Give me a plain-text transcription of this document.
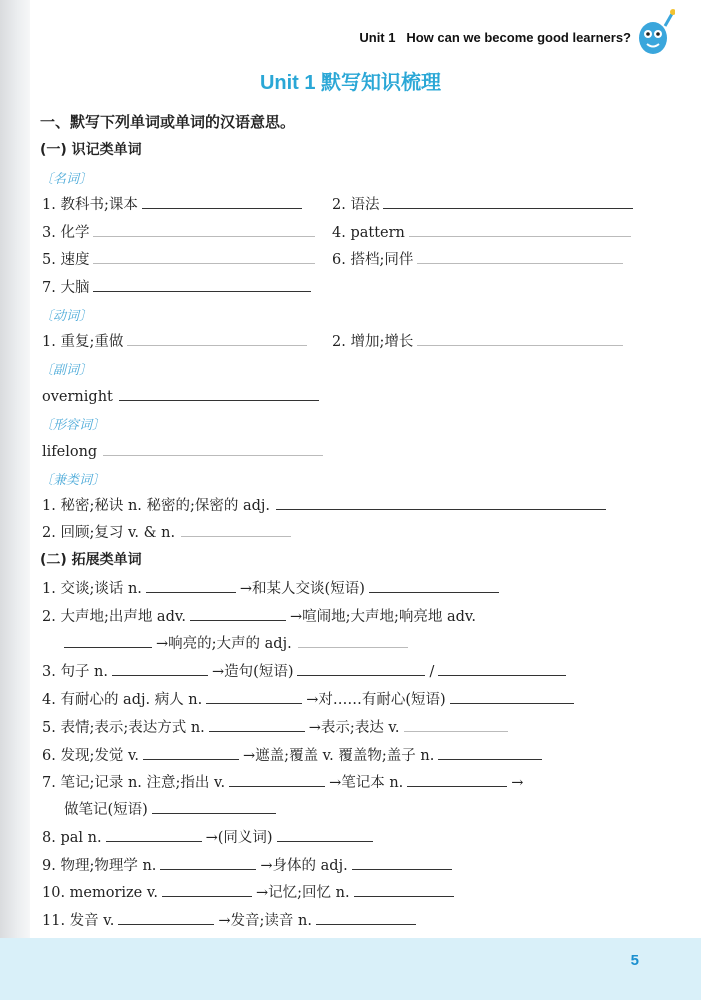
Unit 1 How can we become good learners?
Unit 1 默写知识梳理
一、默写下列单词或单词的汉语意思。
(一) 识记类单词
〔名词〕
1. 教科书;课本	2. 语法
3. 化学	4. pattern
5. 速度	6. 搭档;同伴
7. 大脑
〔动词〕
1. 重复;重做	2. 增加;增长
〔副词〕
overnight
〔形容词〕
lifelong
〔兼类词〕
1. 秘密;秘诀 n. 秘密的;保密的 adj.
2. 回顾;复习 v. & n.
(二) 拓展类单词
1. 交谈;谈话 n.	→和某人交谈(短语)
2. 大声地;出声地 adv.	→喧闹地;大声地;响亮地 adv.
→响亮的;大声的 adj.
3. 句子 n.	→造句(短语)	/
4. 有耐心的 adj. 病人 n.	→对……有耐心(短语)
5. 表情;表示;表达方式 n.	→表示;表达 v.
6. 发现;发觉 v.	→遮盖;覆盖 v. 覆盖物;盖子 n.
7. 笔记;记录 n. 注意;指出 v.	→笔记本 n.	→
做笔记(短语)
8. pal n.	→(同义词)
9. 物理;物理学 n.	→身体的 adj.
10. memorize v.	→记忆;回忆 n.
11. 发音 v.	→发音;读音 n.
5
